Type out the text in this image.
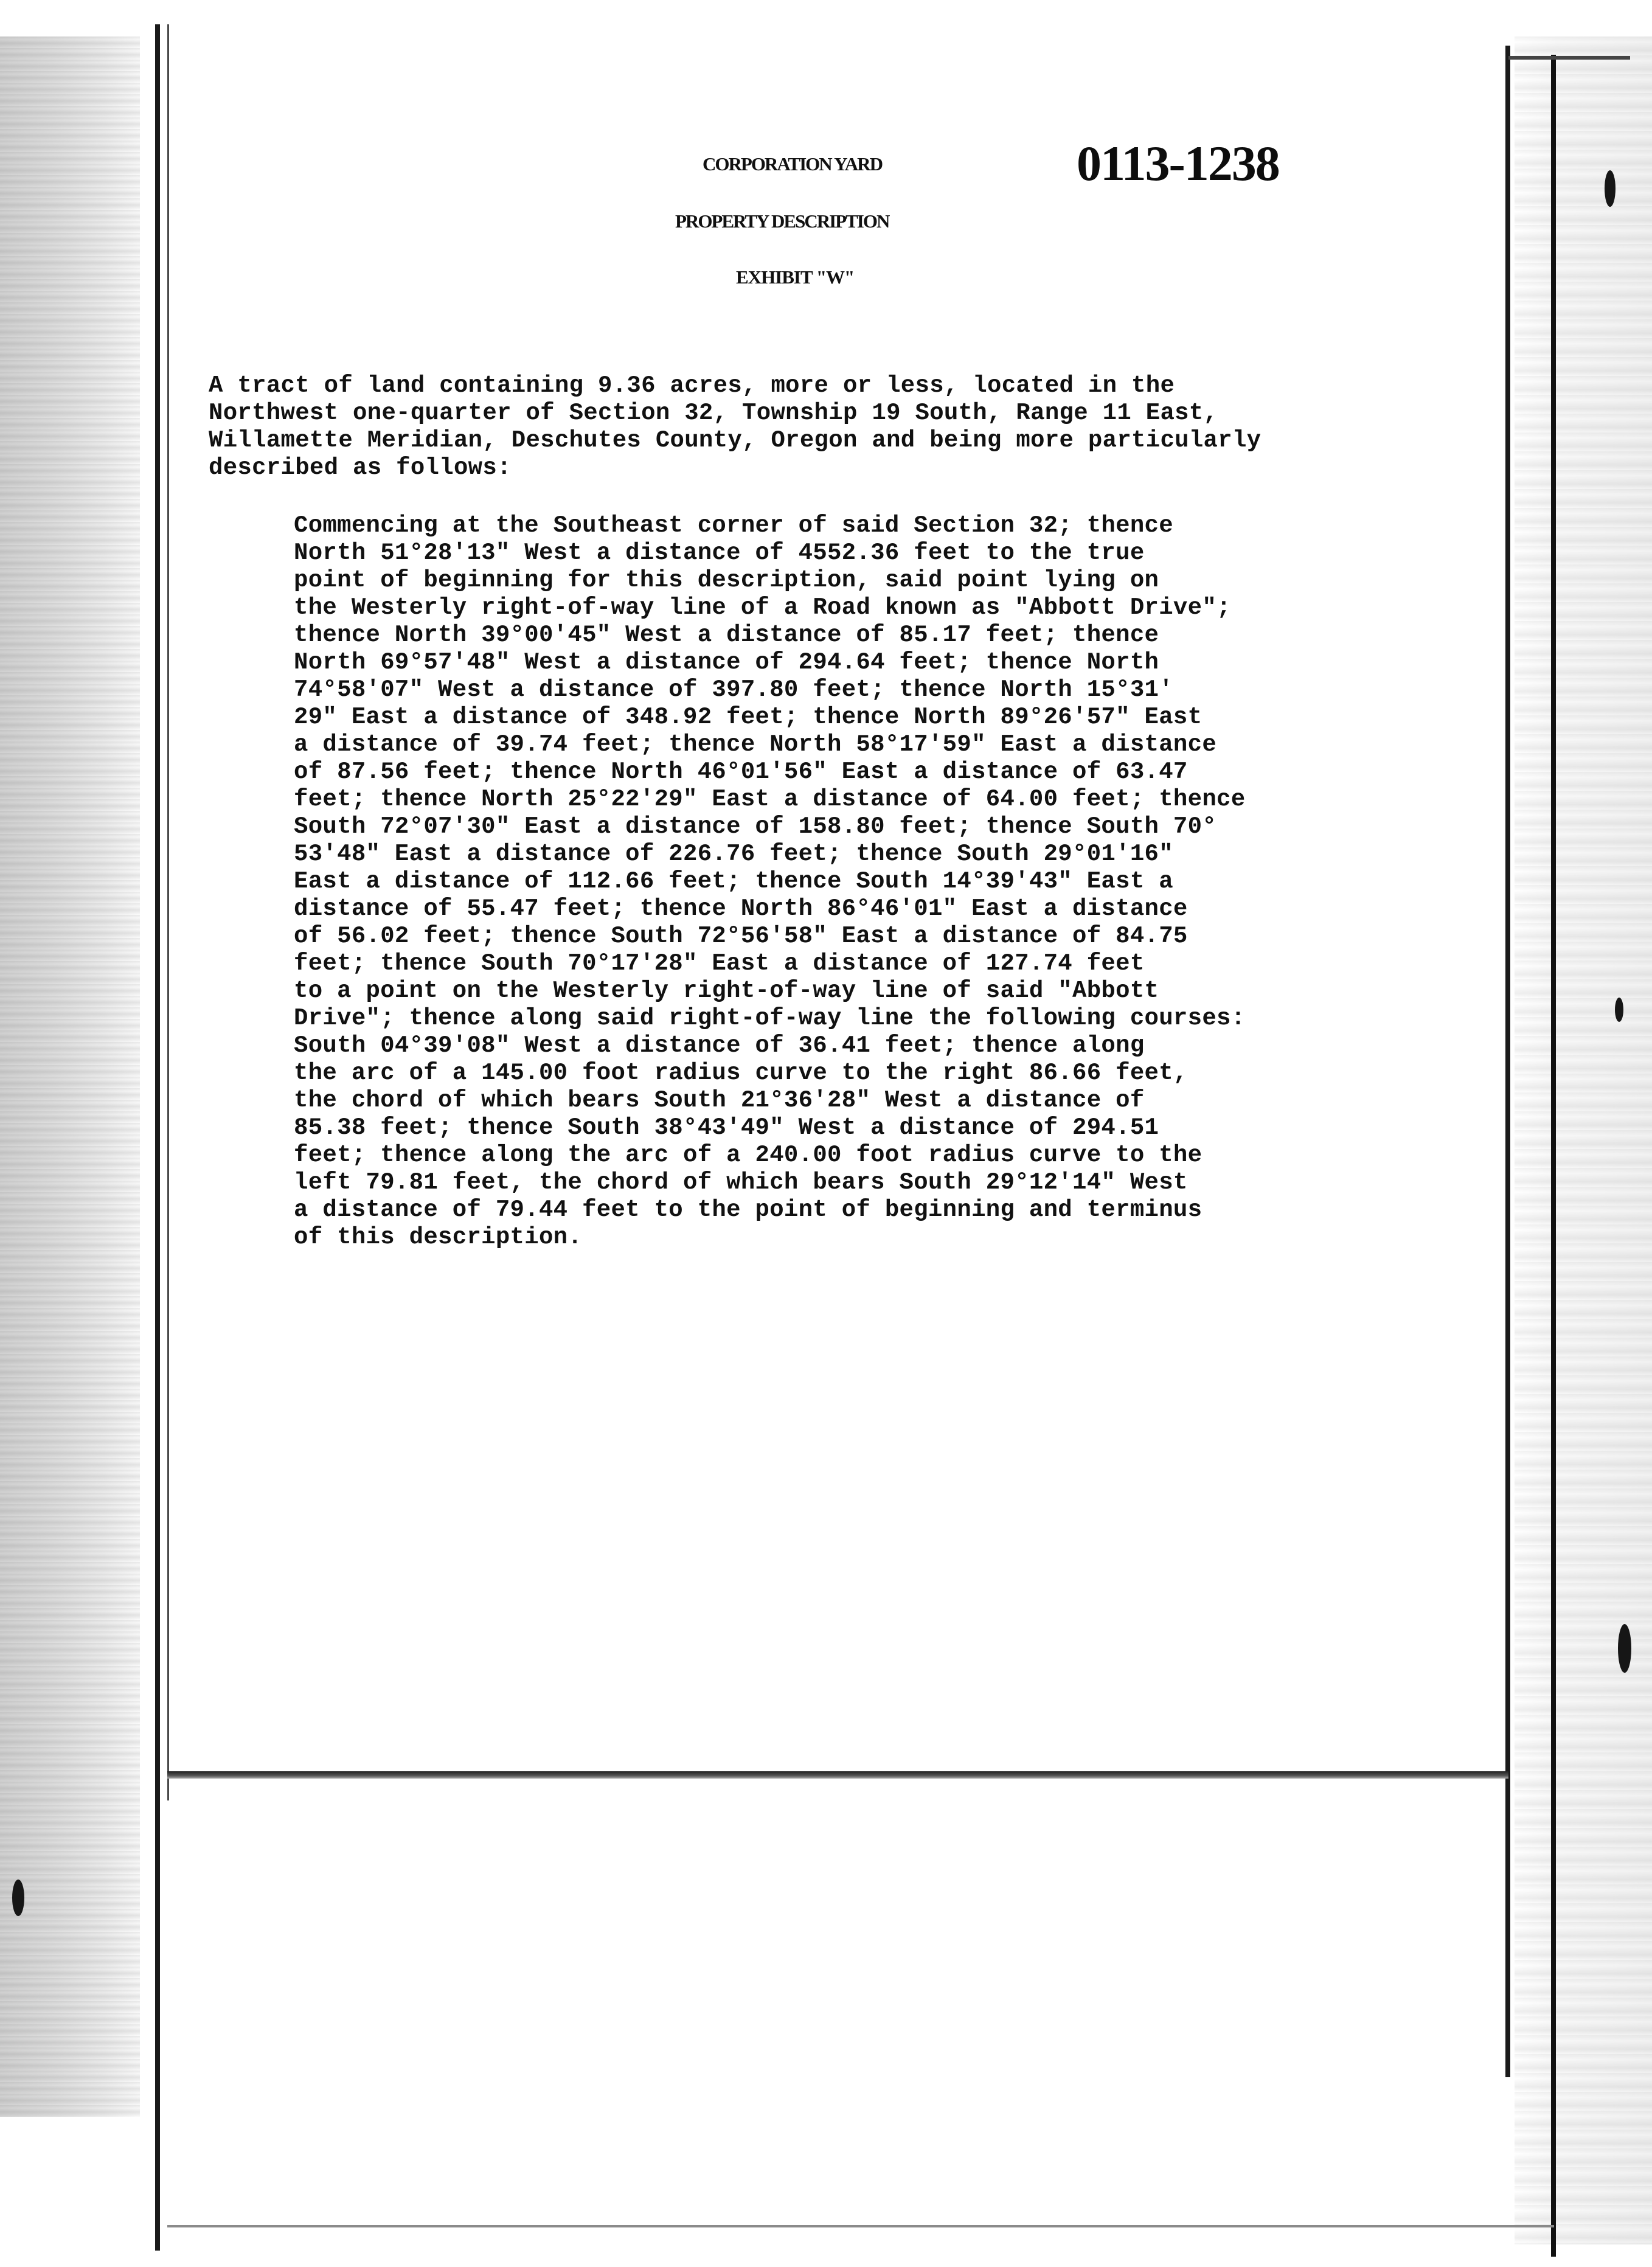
CORPORATION YARD	0113-1238
PROPERTY DESCRIPTION
EXHIBIT "W"
A tract of land containing 9.36 acres, more or less, located in the
Northwest one-quarter of Section 32, Township 19 South, Range 11 East,
Willamette Meridian, Deschutes County, Oregon and being more particularly
described as follows:
Commencing at the Southeast corner of said Section 32; thence
North 51°28'13" West a distance of 4552.36 feet to the true
point of beginning for this description, said point lying on
the Westerly right-of-way line of a Road known as "Abbott Drive";
thence North 39°00'45" West a distance of 85.17 feet; thence
North 69°57'48" West a distance of 294.64 feet; thence North
74°58'07" West a distance of 397.80 feet; thence North 15°31'
29" East a distance of 348.92 feet; thence North 89°26'57" East
a distance of 39.74 feet; thence North 58°17'59" East a distance
of 87.56 feet; thence North 46°01'56" East a distance of 63.47
feet; thence North 25°22'29" East a distance of 64.00 feet; thence
South 72°07'30" East a distance of 158.80 feet; thence South 70°
53'48" East a distance of 226.76 feet; thence South 29°01'16"
East a distance of 112.66 feet; thence South 14°39'43" East a
distance of 55.47 feet; thence North 86°46'01" East a distance
of 56.02 feet; thence South 72°56'58" East a distance of 84.75
feet; thence South 70°17'28" East a distance of 127.74 feet
to a point on the Westerly right-of-way line of said "Abbott
Drive"; thence along said right-of-way line the following courses:
South 04°39'08" West a distance of 36.41 feet; thence along
the arc of a 145.00 foot radius curve to the right 86.66 feet,
the chord of which bears South 21°36'28" West a distance of
85.38 feet; thence South 38°43'49" West a distance of 294.51
feet; thence along the arc of a 240.00 foot radius curve to the
left 79.81 feet, the chord of which bears South 29°12'14" West
a distance of 79.44 feet to the point of beginning and terminus
of this description.
